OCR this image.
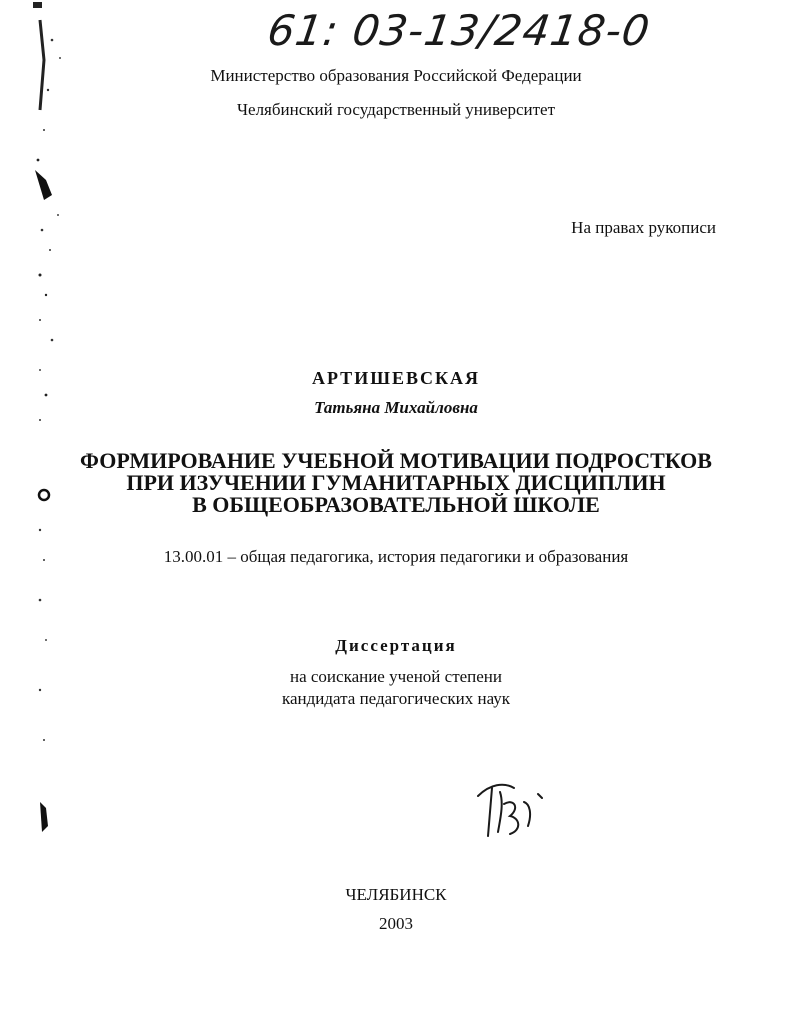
61: 03-13/2418-0
Министерство образования Российской Федерации
Челябинский государственный университет
На правах рукописи
АРТИШЕВСКАЯ
Татьяна Михайловна
ФОРМИРОВАНИЕ УЧЕБНОЙ МОТИВАЦИИ ПОДРОСТКОВ
ПРИ ИЗУЧЕНИИ ГУМАНИТАРНЫХ ДИСЦИПЛИН
В ОБЩЕОБРАЗОВАТЕЛЬНОЙ ШКОЛЕ
13.00.01 – общая педагогика, история педагогики и образования
Диссертация
на соискание ученой степени
кандидата педагогических наук
ЧЕЛЯБИНСК
2003
